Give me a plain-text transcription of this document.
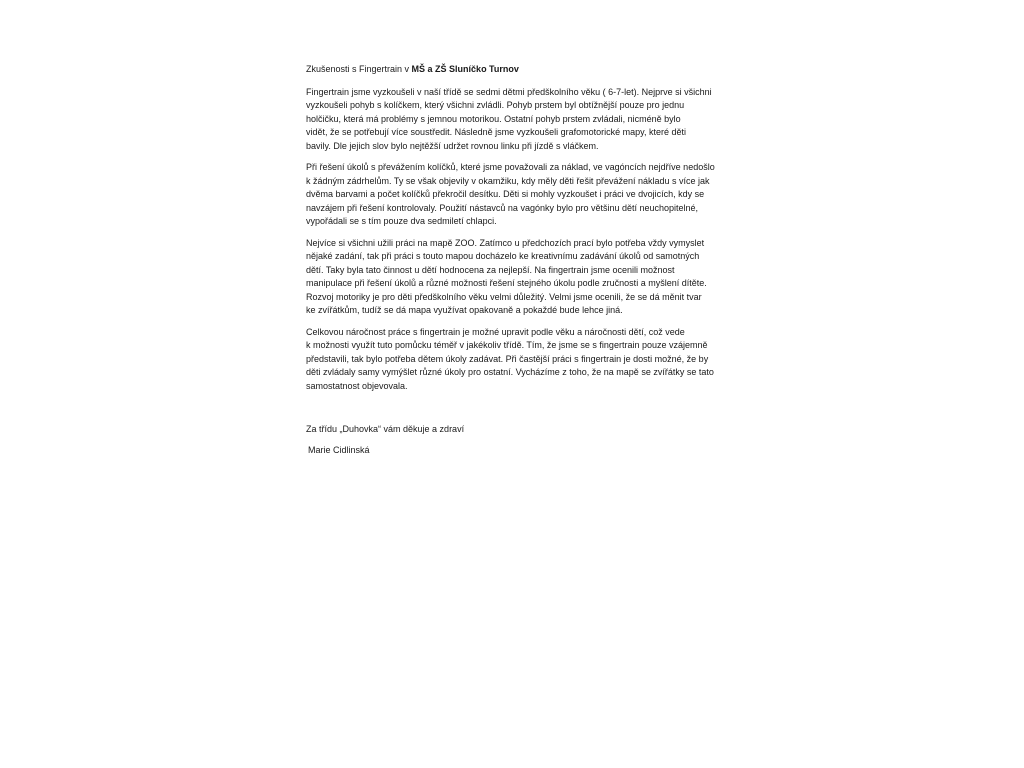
Zkušenosti s Fingertrain v MŠ a ZŠ Sluníčko Turnov

Fingertrain jsme vyzkoušeli v naší třídě se sedmi dětmi předškolního věku ( 6-7-let). Nejprve si všichni
vyzkoušeli pohyb s kolíčkem, který všichni zvládli. Pohyb prstem byl obtížnější pouze pro jednu
holčičku, která má problémy s jemnou motorikou. Ostatní pohyb prstem zvládali, nicméně bylo
vidět, že se potřebují více soustředit. Následně jsme vyzkoušeli grafomotorické mapy, které děti
bavily. Dle jejich slov bylo nejtěžší udržet rovnou linku při jízdě s vláčkem.
Při řešení úkolů s převážením kolíčků, které jsme považovali za náklad, ve vagóncích nejdříve nedošlo
k žádným zádrhelům. Ty se však objevily v okamžiku, kdy měly děti řešit převážení nákladu s více jak
dvěma barvami a počet kolíčků překročil desítku. Děti si mohly vyzkoušet i práci ve dvojicích, kdy se
navzájem při řešení kontrolovaly. Použití nástavců na vagónky bylo pro většinu dětí neuchopitelné,
vypořádali se s tím pouze dva sedmiletí chlapci.
Nejvíce si všichni užili práci na mapě ZOO. Zatímco u předchozích prací bylo potřeba vždy vymyslet
nějaké zadání, tak při práci s touto mapou docházelo ke kreativnímu zadávání úkolů od samotných
dětí. Taky byla tato činnost u dětí hodnocena za nejlepší. Na fingertrain jsme ocenili možnost
manipulace při řešení úkolů a různé možnosti řešení stejného úkolu podle zručnosti a myšlení dítěte.
Rozvoj motoriky je pro děti předškolního věku velmi důležitý. Velmi jsme ocenili, že se dá měnit tvar
ke zvířátkům, tudíž se dá mapa využívat opakovaně a pokaždé bude lehce jiná.
Celkovou náročnost práce s fingertrain je možné upravit podle věku a náročnosti dětí, což vede
k možnosti využít tuto pomůcku téměř v jakékoliv třídě. Tím, že jsme se s fingertrain pouze vzájemně
představili, tak bylo potřeba dětem úkoly zadávat. Při častější práci s fingertrain je dosti možné, že by
děti zvládaly samy vymýšlet různé úkoly pro ostatní. Vycházíme z toho, že na mapě se zvířátky se tato
samostatnost objevovala.

Za třídu „Duhovka“ vám děkuje a zdraví

Marie Cidlinská
